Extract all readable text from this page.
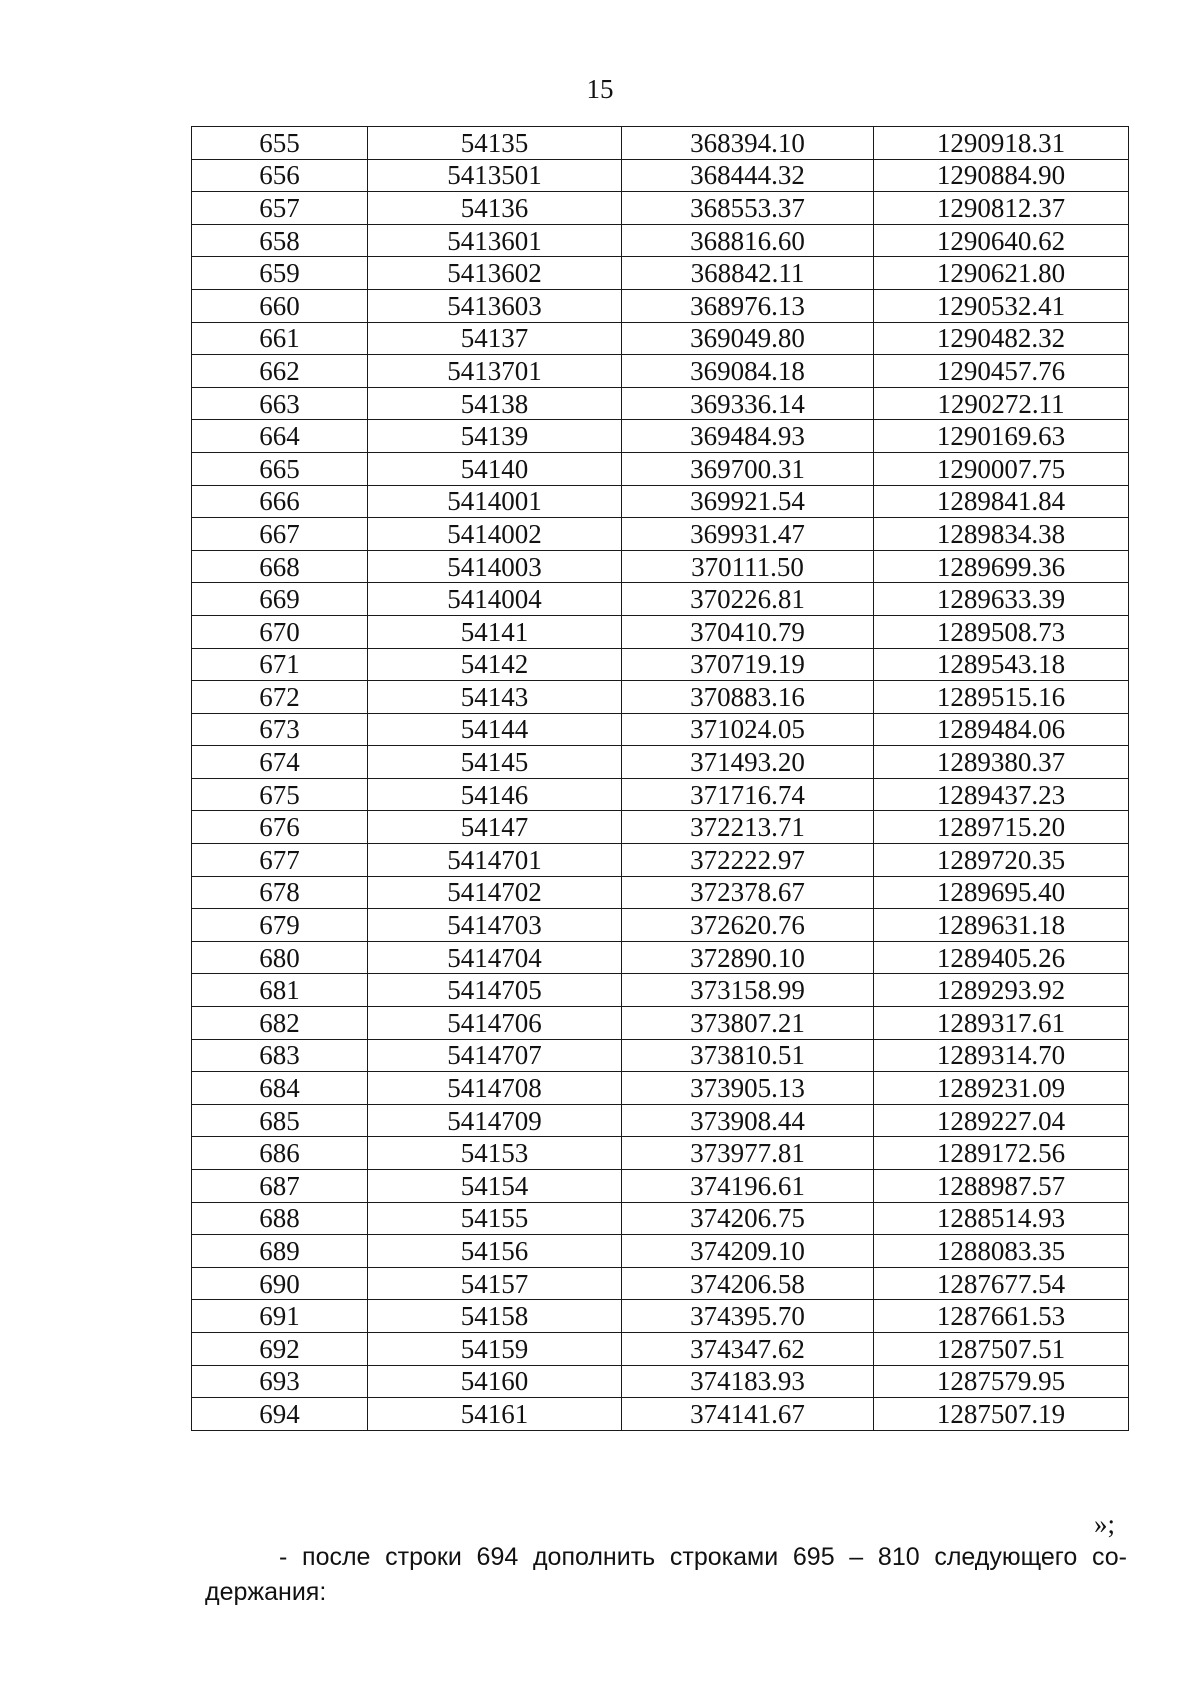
15
655	54135	368394.10	1290918.31
656	5413501	368444.32	1290884.90
657	54136	368553.37	1290812.37
658	5413601	368816.60	1290640.62
659	5413602	368842.11	1290621.80
660	5413603	368976.13	1290532.41
661	54137	369049.80	1290482.32
662	5413701	369084.18	1290457.76
663	54138	369336.14	1290272.11
664	54139	369484.93	1290169.63
665	54140	369700.31	1290007.75
666	5414001	369921.54	1289841.84
667	5414002	369931.47	1289834.38
668	5414003	370111.50	1289699.36
669	5414004	370226.81	1289633.39
670	54141	370410.79	1289508.73
671	54142	370719.19	1289543.18
672	54143	370883.16	1289515.16
673	54144	371024.05	1289484.06
674	54145	371493.20	1289380.37
675	54146	371716.74	1289437.23
676	54147	372213.71	1289715.20
677	5414701	372222.97	1289720.35
678	5414702	372378.67	1289695.40
679	5414703	372620.76	1289631.18
680	5414704	372890.10	1289405.26
681	5414705	373158.99	1289293.92
682	5414706	373807.21	1289317.61
683	5414707	373810.51	1289314.70
684	5414708	373905.13	1289231.09
685	5414709	373908.44	1289227.04
686	54153	373977.81	1289172.56
687	54154	374196.61	1288987.57
688	54155	374206.75	1288514.93
689	54156	374209.10	1288083.35
690	54157	374206.58	1287677.54
691	54158	374395.70	1287661.53
692	54159	374347.62	1287507.51
693	54160	374183.93	1287579.95
694	54161	374141.67	1287507.19
»;
- после строки 694 дополнить строками 695 – 810 следующего со-
держания:
